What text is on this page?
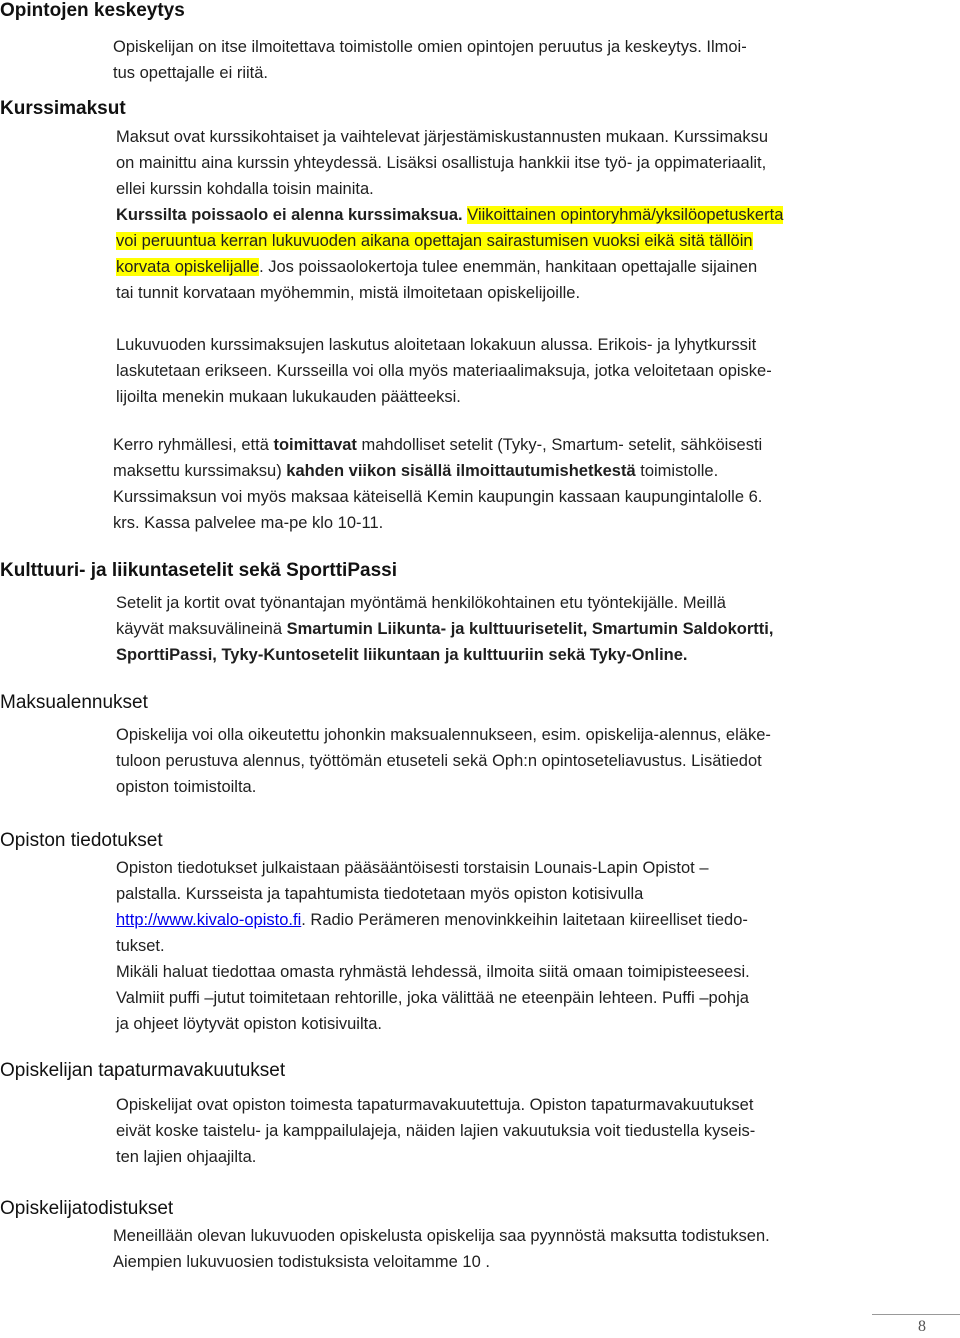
Opintojen keskeytys
Opiskelijan on itse ilmoitettava toimistolle omien opintojen peruutus ja keskeytys. Ilmoi-
tus opettajalle ei riitä.
Kurssimaksut
Maksut ovat kurssikohtaiset ja vaihtelevat järjestämiskustannusten mukaan. Kurssimaksu
on mainittu aina kurssin yhteydessä. Lisäksi osallistuja hankkii itse työ- ja oppimateriaalit,
ellei kurssin kohdalla toisin mainita.
Kurssilta poissaolo ei alenna kurssimaksua. Viikoittainen opintoryhmä/yksilöopetuskerta
voi peruuntua kerran lukuvuoden aikana opettajan sairastumisen vuoksi eikä sitä tällöin
korvata opiskelijalle. Jos poissaolokertoja tulee enemmän, hankitaan opettajalle sijainen
tai tunnit korvataan myöhemmin, mistä ilmoitetaan opiskelijoille.
Lukuvuoden kurssimaksujen laskutus aloitetaan lokakuun alussa. Erikois- ja lyhytkurssit
laskutetaan erikseen. Kursseilla voi olla myös materiaalimaksuja, jotka veloitetaan opiske-
lijoilta menekin mukaan lukukauden päätteeksi.
Kerro ryhmällesi, että toimittavat mahdolliset setelit (Tyky-, Smartum- setelit, sähköisesti
maksettu kurssimaksu) kahden viikon sisällä ilmoittautumishetkestä toimistolle.
Kurssimaksun voi myös maksaa käteisellä Kemin kaupungin kassaan kaupungintalolle 6.
krs. Kassa palvelee ma-pe klo 10-11.
Kulttuuri- ja liikuntasetelit sekä SporttiPassi
Setelit ja kortit ovat työnantajan myöntämä henkilökohtainen etu työntekijälle. Meillä
käyvät maksuvälineinä Smartumin Liikunta- ja kulttuurisetelit, Smartumin Saldokortti,
SporttiPassi, Tyky-Kuntosetelit liikuntaan ja kulttuuriin sekä Tyky-Online.
Maksualennukset
Opiskelija voi olla oikeutettu johonkin maksualennukseen, esim. opiskelija-alennus, eläke-
tuloon perustuva alennus, työttömän etuseteli sekä Oph:n opintoseteliavustus. Lisätiedot
opiston toimistoilta.
Opiston tiedotukset
Opiston tiedotukset julkaistaan pääsääntöisesti torstaisin Lounais-Lapin Opistot –
palstalla. Kursseista ja tapahtumista tiedotetaan myös opiston kotisivulla
http://www.kivalo-opisto.fi. Radio Perämeren menovinkkeihin laitetaan kiireelliset tiedo-
tukset.
Mikäli haluat tiedottaa omasta ryhmästä lehdessä, ilmoita siitä omaan toimipisteeseesi.
Valmiit puffi –jutut toimitetaan rehtorille, joka välittää ne eteenpäin lehteen. Puffi –pohja
ja ohjeet löytyvät opiston kotisivuilta.
Opiskelijan tapaturmavakuutukset
Opiskelijat ovat opiston toimesta tapaturmavakuutettuja. Opiston tapaturmavakuutukset
eivät koske taistelu- ja kamppailulajeja, näiden lajien vakuutuksia voit tiedustella kyseis-
ten lajien ohjaajilta.
Opiskelijatodistukset
Meneillään olevan lukuvuoden opiskelusta opiskelija saa pyynnöstä maksutta todistuksen.
Aiempien lukuvuosien todistuksista veloitamme 10 .
8
